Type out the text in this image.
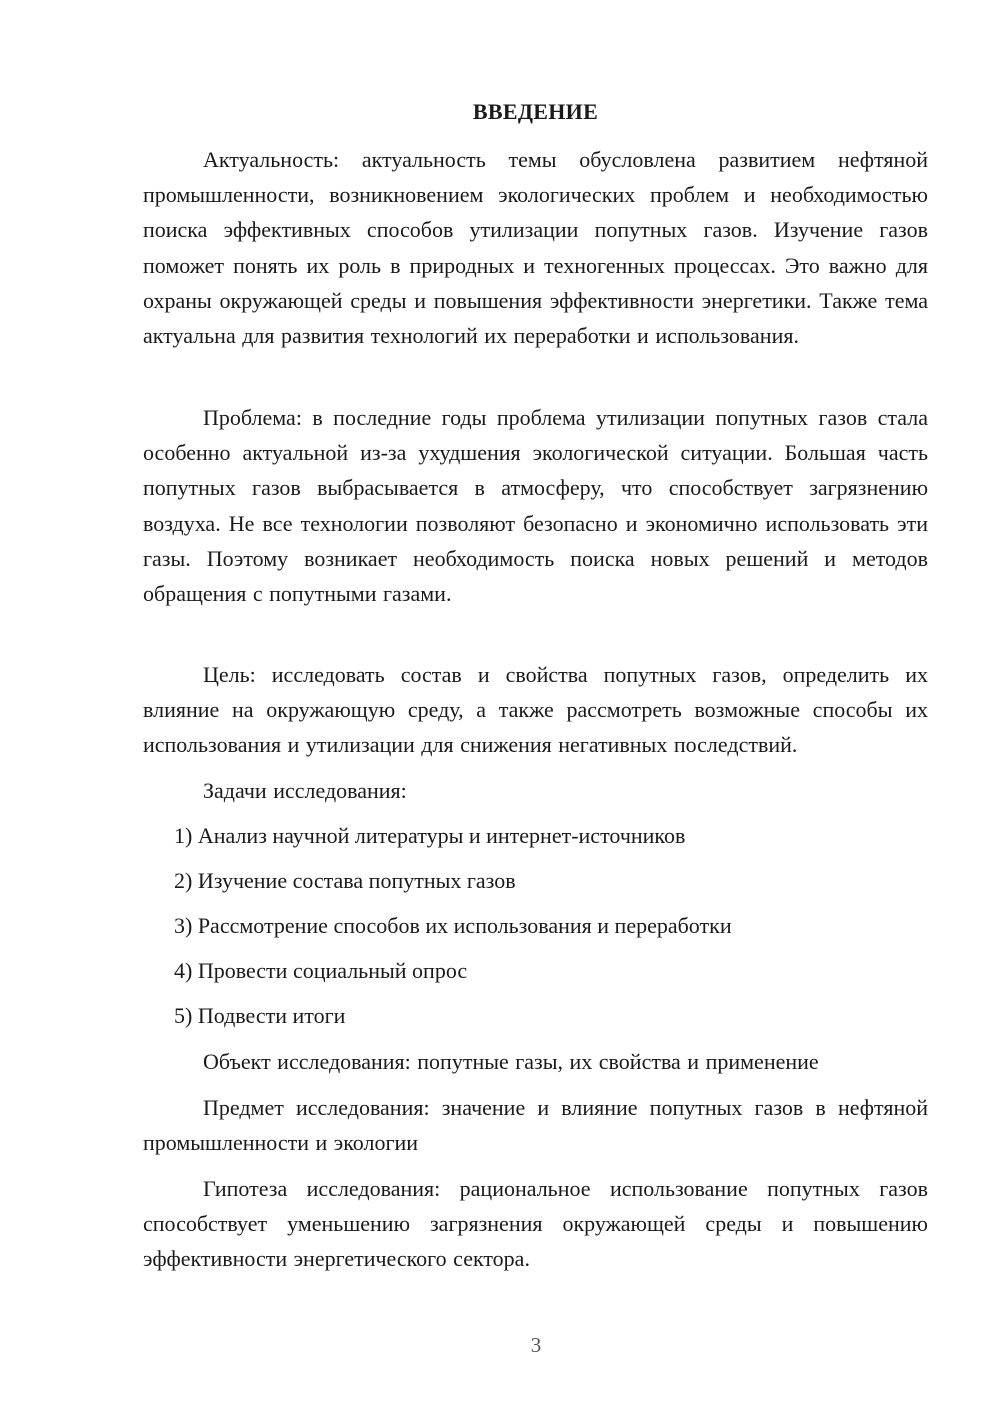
ВВЕДЕНИЕ

Актуальность: актуальность темы обусловлена развитием нефтяной промышленности, возникновением экологических проблем и необходимостью поиска эффективных способов утилизации попутных газов. Изучение газов поможет понять их роль в природных и техногенных процессах. Это важно для охраны окружающей среды и повышения эффективности энергетики. Также тема актуальна для развития технологий их переработки и использования.

Проблема: в последние годы проблема утилизации попутных газов стала особенно актуальной из-за ухудшения экологической ситуации. Большая часть попутных газов выбрасывается в атмосферу, что способствует загрязнению воздуха. Не все технологии позволяют безопасно и экономично использовать эти газы. Поэтому возникает необходимость поиска новых решений и методов обращения с попутными газами.

Цель: исследовать состав и свойства попутных газов, определить их влияние на окружающую среду, а также рассмотреть возможные способы их использования и утилизации для снижения негативных последствий.

Задачи исследования:

1) Анализ научной литературы и интернет-источников

2) Изучение состава попутных газов

3) Рассмотрение способов их использования и переработки

4) Провести социальный опрос

5) Подвести итоги

Объект исследования: попутные газы, их свойства и применение

Предмет исследования: значение и влияние попутных газов в нефтяной промышленности и экологии

Гипотеза исследования: рациональное использование попутных газов способствует уменьшению загрязнения окружающей среды и повышению эффективности энергетического сектора.

3
